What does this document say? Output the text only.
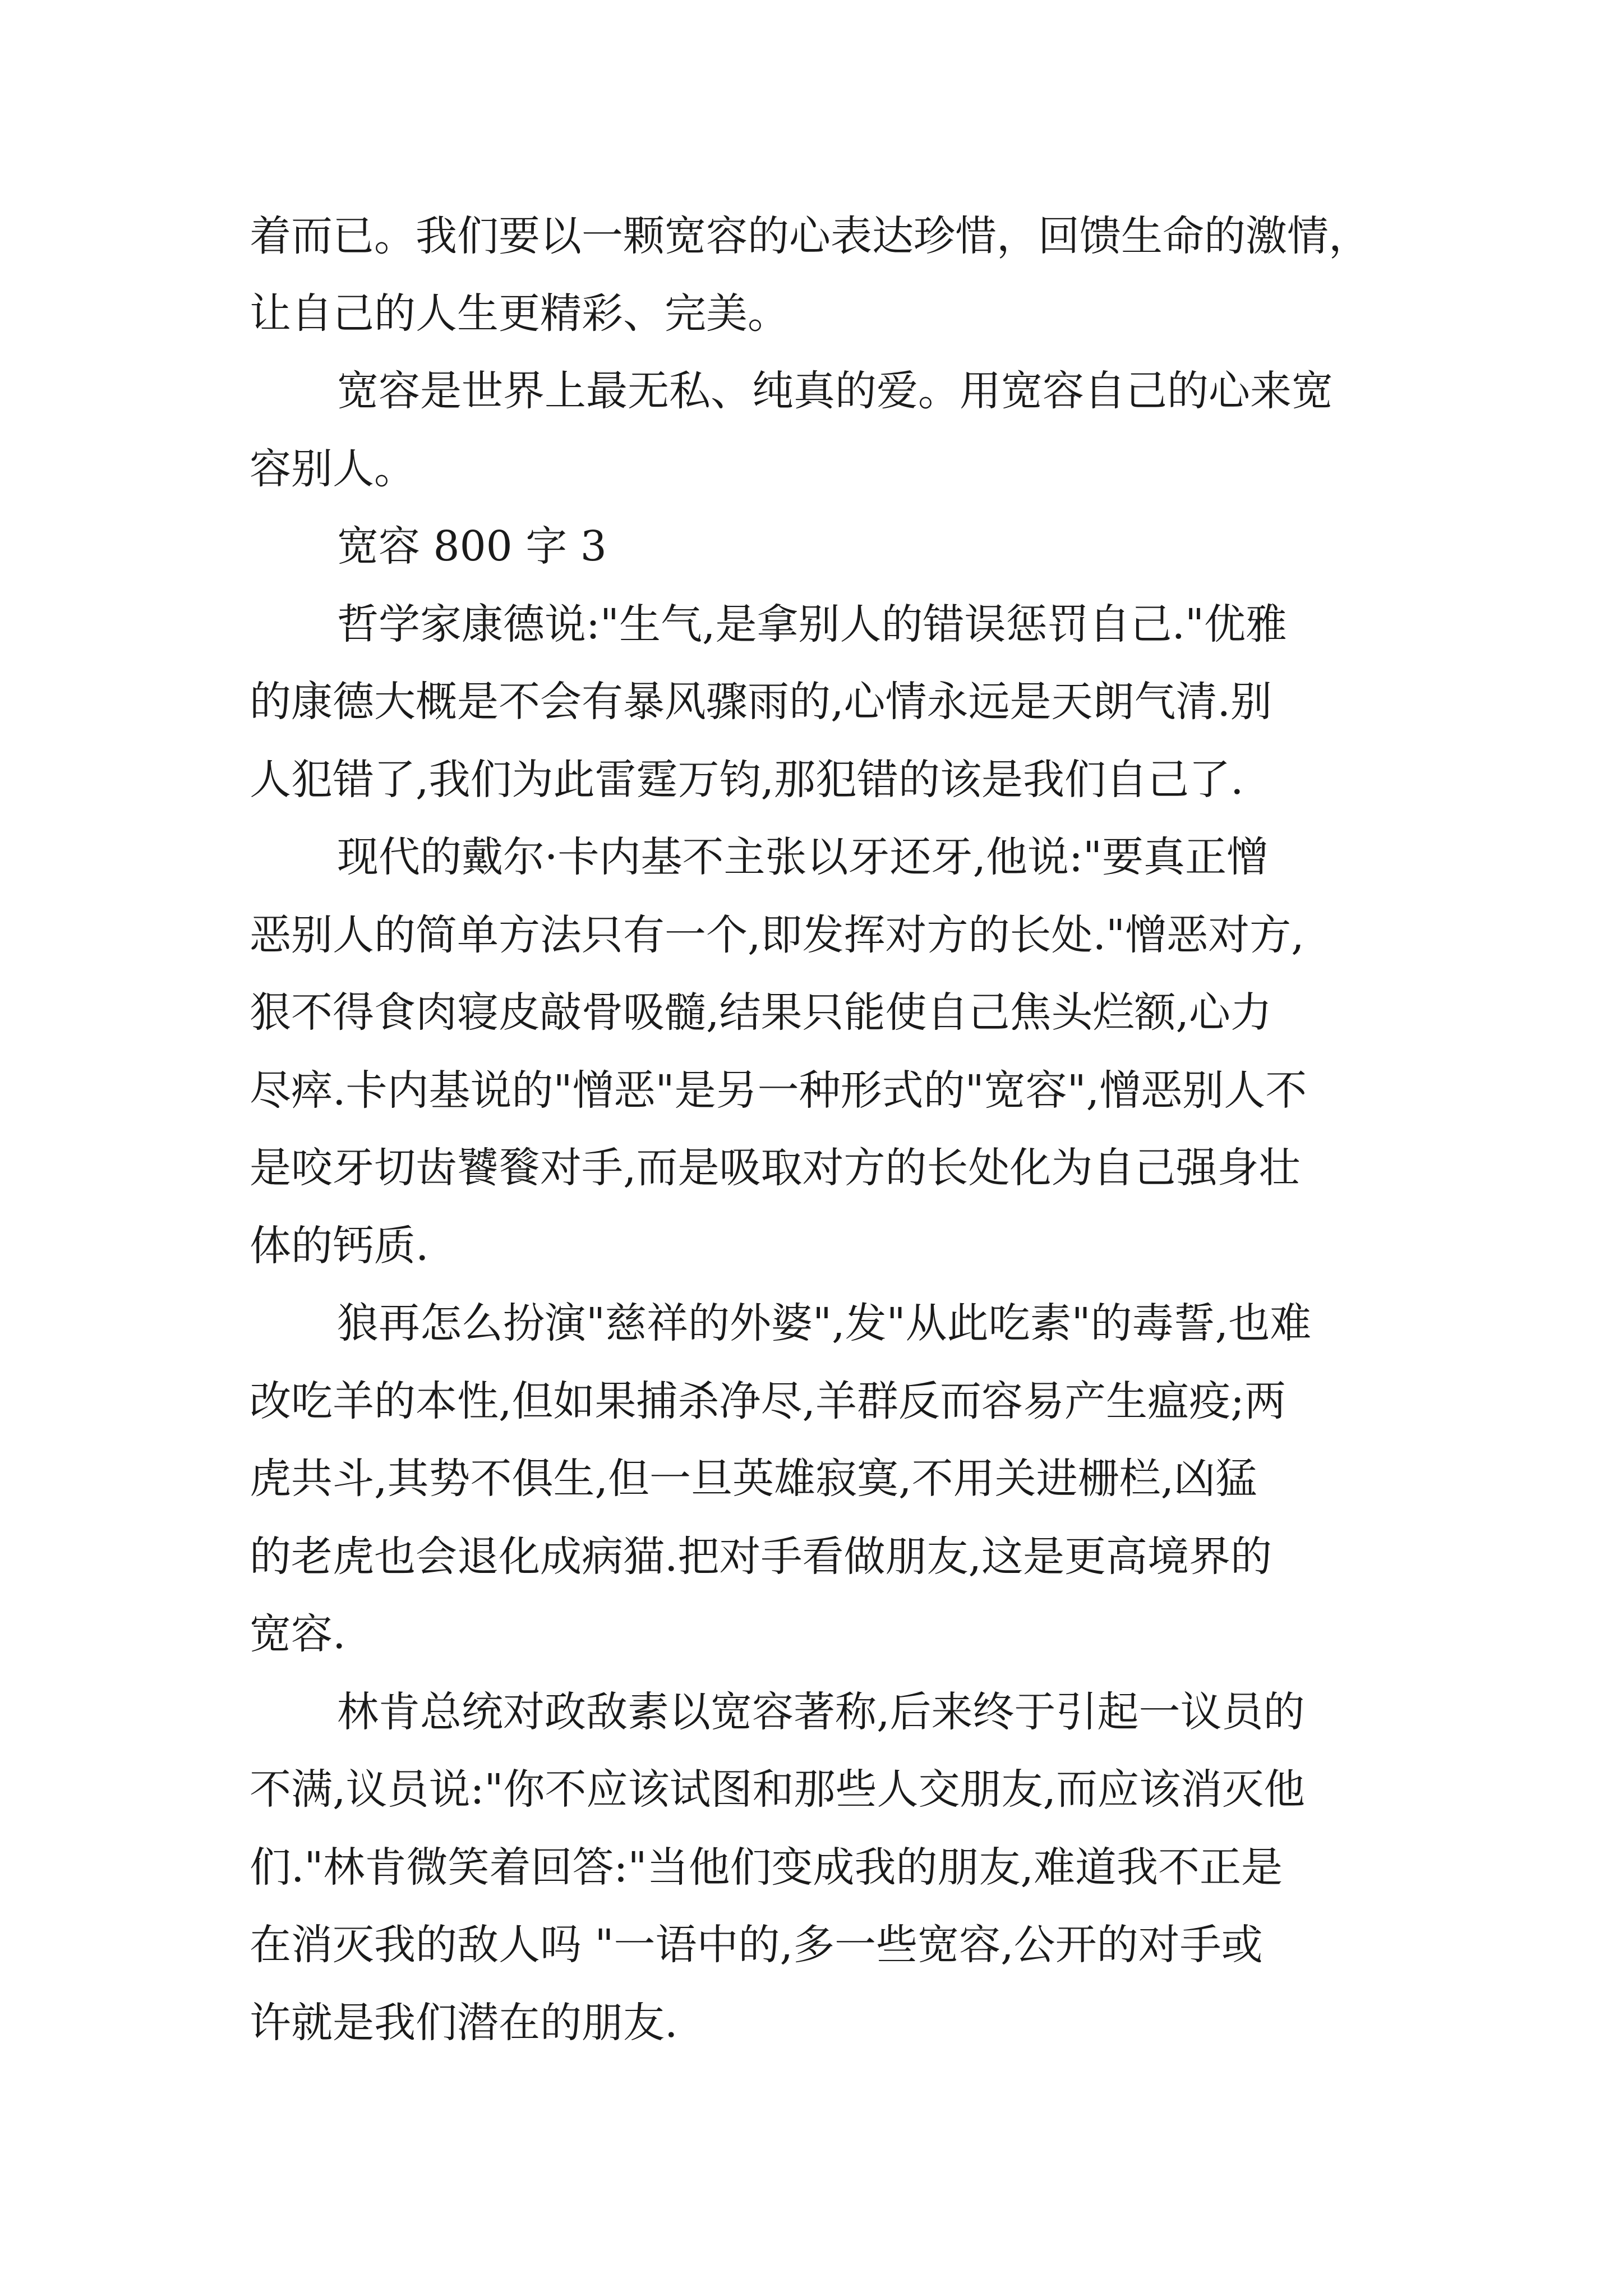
着而已。我们要以一颗宽容的心表达珍惜，回馈生命的激情，

让自己的人生更精彩、完美。

宽容是世界上最无私、纯真的爱。用宽容自己的心来宽

容别人。

宽容 800 字 3

哲学家康德说:"生气,是拿别人的错误惩罚自己."优雅

的康德大概是不会有暴风骤雨的,心情永远是天朗气清.别

人犯错了,我们为此雷霆万钧,那犯错的该是我们自己了.

现代的戴尔·卡内基不主张以牙还牙,他说:"要真正憎

恶别人的简单方法只有一个,即发挥对方的长处."憎恶对方,

狠不得食肉寝皮敲骨吸髓,结果只能使自己焦头烂额,心力

尽瘁.卡内基说的"憎恶"是另一种形式的"宽容",憎恶别人不

是咬牙切齿饕餮对手,而是吸取对方的长处化为自己强身壮

体的钙质.

狼再怎么扮演"慈祥的外婆",发"从此吃素"的毒誓,也难

改吃羊的本性,但如果捕杀净尽,羊群反而容易产生瘟疫;两

虎共斗,其势不俱生,但一旦英雄寂寞,不用关进栅栏,凶猛

的老虎也会退化成病猫.把对手看做朋友,这是更高境界的

宽容.

林肯总统对政敌素以宽容著称,后来终于引起一议员的

不满,议员说:"你不应该试图和那些人交朋友,而应该消灭他

们."林肯微笑着回答:"当他们变成我的朋友,难道我不正是

在消灭我的敌人吗 "一语中的,多一些宽容,公开的对手或

许就是我们潜在的朋友.
